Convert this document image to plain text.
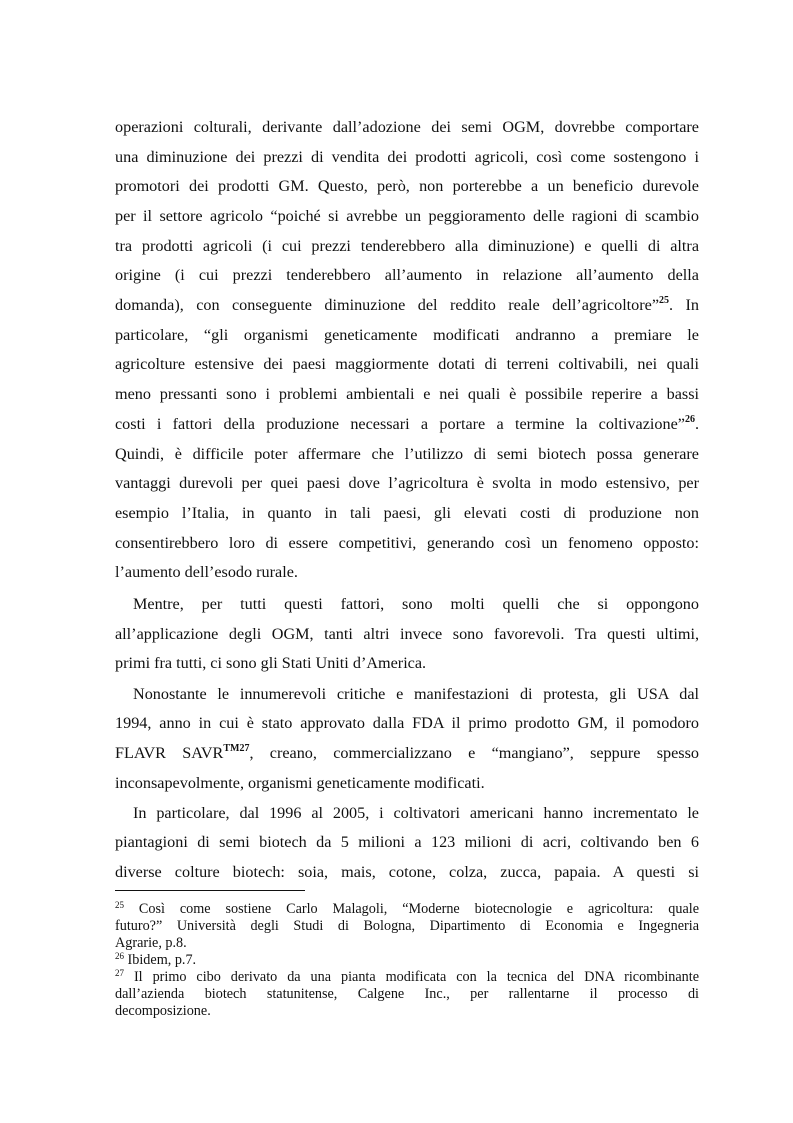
operazioni colturali, derivante dall’adozione dei semi OGM, dovrebbe comportare
una diminuzione dei prezzi di vendita dei prodotti agricoli, così come sostengono i
promotori dei prodotti GM. Questo, però, non porterebbe a un beneficio durevole
per il settore agricolo “poiché si avrebbe un peggioramento delle ragioni di scambio
tra prodotti agricoli (i cui prezzi tenderebbero alla diminuzione) e quelli di altra
origine (i cui prezzi tenderebbero all’aumento in relazione all’aumento della
domanda), con conseguente diminuzione del reddito reale dell’agricoltore”$^{25}$. In
particolare, “gli organismi geneticamente modificati andranno a premiare le
agricolture estensive dei paesi maggiormente dotati di terreni coltivabili, nei quali
meno pressanti sono i problemi ambientali e nei quali è possibile reperire a bassi
costi i fattori della produzione necessari a portare a termine la coltivazione”$^{26}$.
Quindi, è difficile poter affermare che l’utilizzo di semi biotech possa generare
vantaggi durevoli per quei paesi dove l’agricoltura è svolta in modo estensivo, per
esempio l’Italia, in quanto in tali paesi, gli elevati costi di produzione non
consentirebbero loro di essere competitivi, generando così un fenomeno opposto:
l’aumento dell’esodo rurale.
Mentre, per tutti questi fattori, sono molti quelli che si oppongono
all’applicazione degli OGM, tanti altri invece sono favorevoli. Tra questi ultimi,
primi fra tutti, ci sono gli Stati Uniti d’America.
Nonostante le innumerevoli critiche e manifestazioni di protesta, gli USA dal
1994, anno in cui è stato approvato dalla FDA il primo prodotto GM, il pomodoro
FLAVR $SAVR^{TM27}$, creano, commercializzano e “mangiano”, seppure spesso
inconsapevolmente, organismi geneticamente modificati.
In particolare, dal 1996 al 2005, i coltivatori americani hanno incrementato le
piantagioni di semi biotech da 5 milioni a 123 milioni di acri, coltivando ben 6
diverse colture biotech: soia, mais, cotone, colza, zucca, papaia. A questi si
$^{25}$ Così come sostiene Carlo Malagoli, “Moderne biotecnologie e agricoltura: quale
futuro?” Università degli Studi di Bologna, Dipartimento di Economia e Ingegneria
Agrarie, p.8.
$^{26}$ Ibidem, p.7.
$^{27}$ Il primo cibo derivato da una pianta modificata con la tecnica del DNA ricombinante
dall’azienda biotech statunitense, Calgene Inc., per rallentarne il processo di
decomposizione.
